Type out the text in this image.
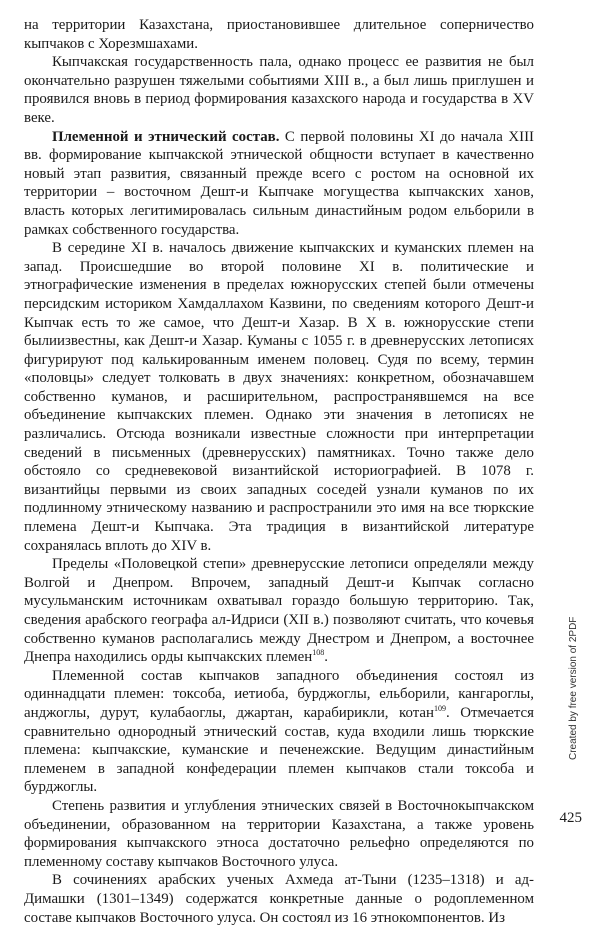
на территории Казахстана, приостановившее длительное соперничество кыпчаков с Хорезмшахами.

Кыпчакская государственность пала, однако процесс ее развития не был окончательно разрушен тяжелыми событиями XIII в., а был лишь приглушен и проявился вновь в период формирования казахского народа и государства в XV веке.

Племенной и этнический состав. С первой половины XI до начала XIII вв. формирование кыпчакской этнической общности вступает в качественно новый этап развития, связанный прежде всего с ростом на основной их территории – восточном Дешт-и Кыпчаке могущества кыпчакских ханов, власть которых легитимировалась сильным династийным родом ельборили в рамках собственного государства.

В середине XI в. началось движение кыпчакских и куманских племен на запад. Происшедшие во второй половине XI в. политические и этнографические изменения в пределах южнорусских степей были отмечены персидским историком Хамдаллахом Казвини, по сведениям которого Дешт-и Кыпчак есть то же самое, что Дешт-и Хазар. В X в. южнорусские степи былиизвестны, как Дешт-и Хазар. Куманы с 1055 г. в древнерусских летописях фигурируют под калькированным именем половец. Судя по всему, термин «половцы» следует толковать в двух значениях: конкретном, обозначавшем собственно куманов, и расширительном, распространявшемся на все объединение кыпчакских племен. Однако эти значения в летописях не различались. Отсюда возникали известные сложности при интерпретации сведений в письменных (древнерусских) памятниках. Точно также дело обстояло со средневековой византийской историографией. В 1078 г. византийцы первыми из своих западных соседей узнали куманов по их подлинному этническому названию и распространили это имя на все тюркские племена Дешт-и Кыпчака. Эта традиция в византийской литературе сохранялась вплоть до XIV в.

Пределы «Половецкой степи» древнерусские летописи определяли между Волгой и Днепром. Впрочем, западный Дешт-и Кыпчак согласно мусульманским источникам охватывал гораздо большую территорию. Так, сведения арабского географа ал-Идриси (XII в.) позволяют считать, что кочевья собственно куманов располагались между Днестром и Днепром, а восточнее Днепра находились орды кыпчакских племен$^{108}$.

Племенной состав кыпчаков западного объединения состоял из одиннадцати племен: токсоба, иетиоба, бурджоглы, ельборили, кангароглы, анджоглы, дурут, кулабаоглы, джартан, карабирикли, котан$^{109}$. Отмечается сравнительно однородный этнический состав, куда входили лишь тюркские племена: кыпчакские, куманские и печенежские. Ведущим династийным племенем в западной конфедерации племен кыпчаков стали токсоба и бурджоглы.

Степень развития и углубления этнических связей в Восточнокыпчакском объединении, образованном на территории Казахстана, а также уровень формирования кыпчакского этноса достаточно рельефно определяются по племенному составу кыпчаков Восточного улуса.

В сочинениях арабских ученых Ахмеда ат-Тыни (1235–1318) и ад-Димашки (1301–1349) содержатся конкретные данные о родоплеменном составе кыпчаков Восточного улуса. Он состоял из 16 этнокомпонентов. Из

425
Created by free version of 2PDF
